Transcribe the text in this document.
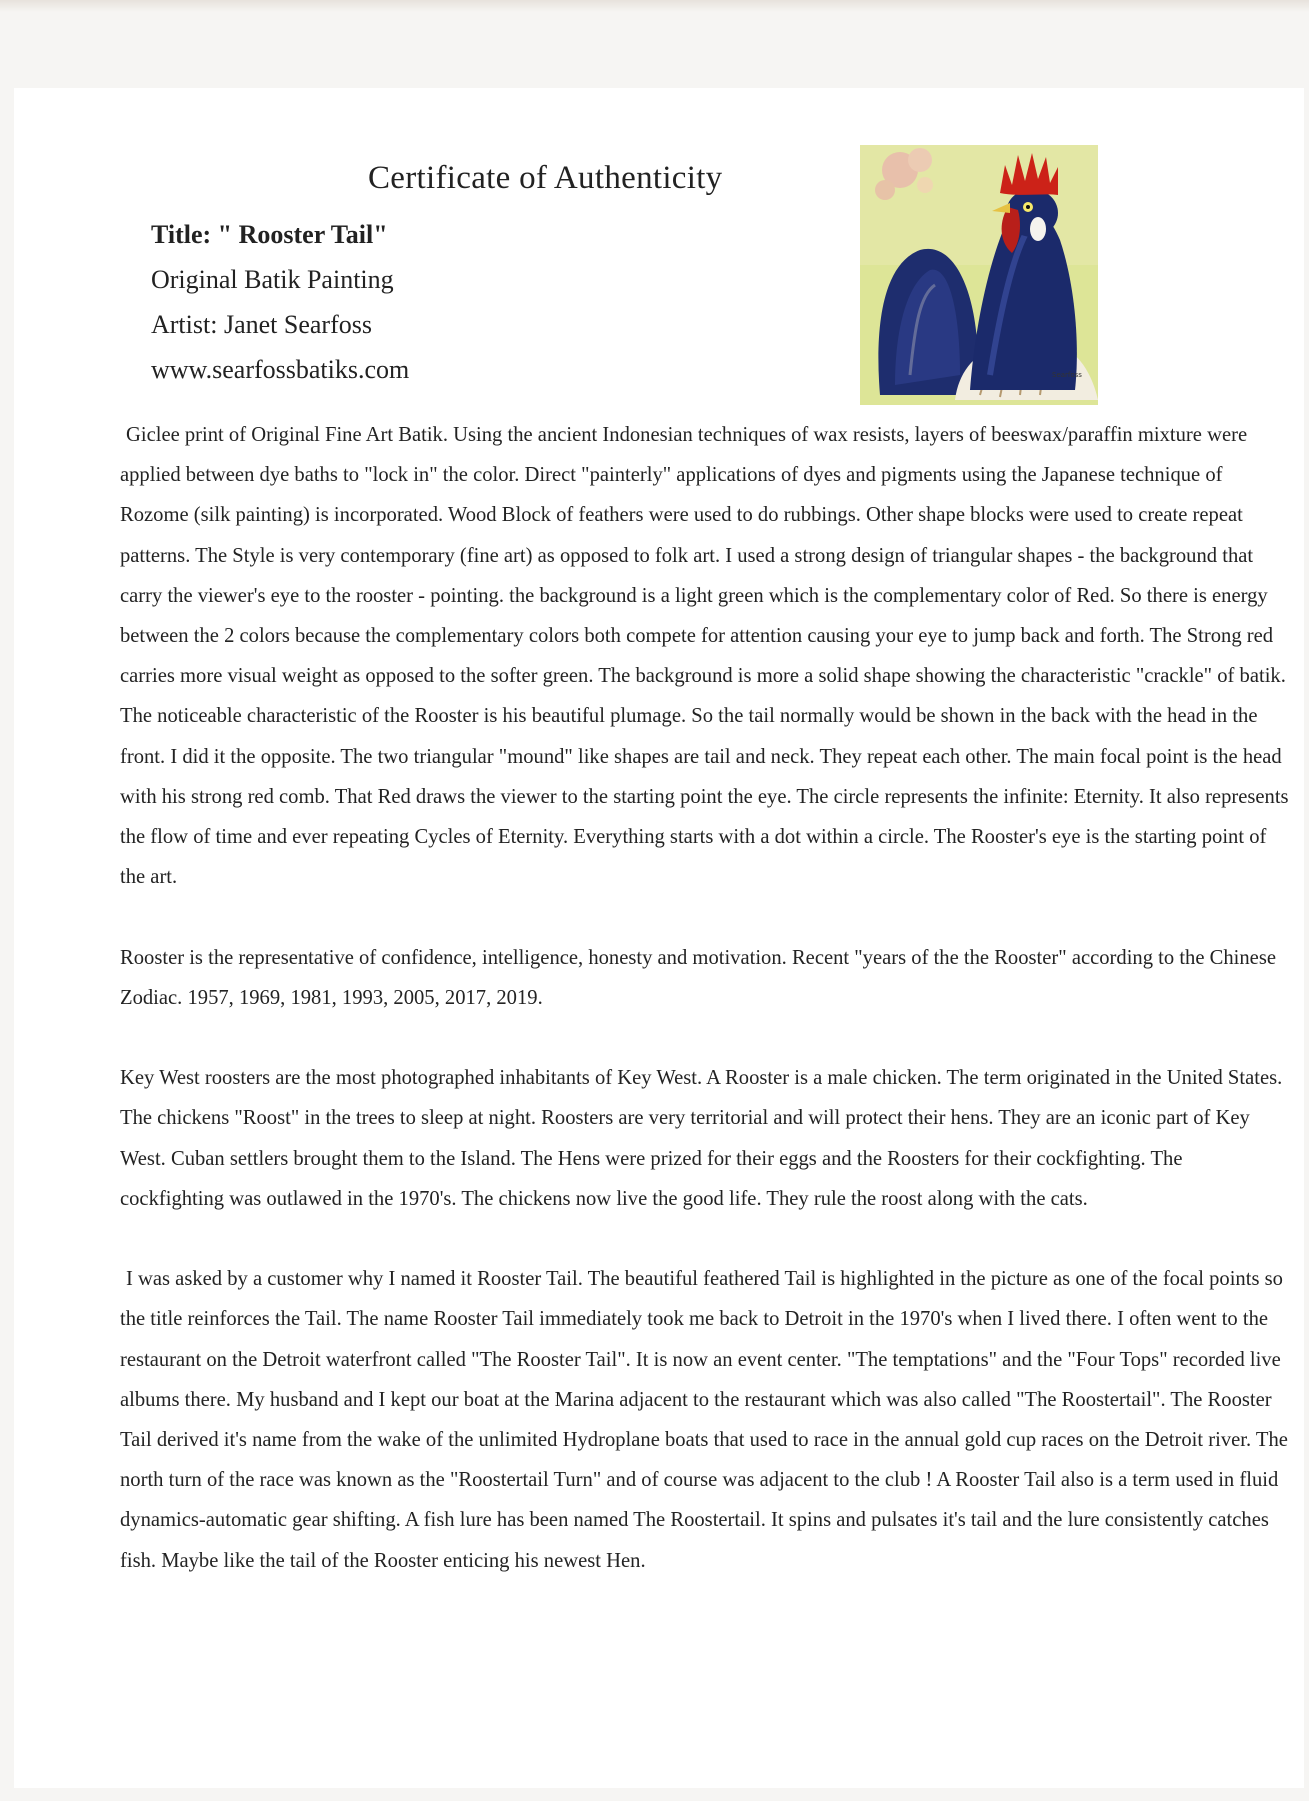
Certificate of Authenticity
Title: " Rooster Tail"
Original Batik Painting
Artist: Janet Searfoss
www.searfossbatiks.com	Searfoss

Giclee print of Original Fine Art Batik. Using the ancient Indonesian techniques of wax resists, layers of beeswax/paraffin mixture were applied between dye baths to "lock in" the color. Direct "painterly" applications of dyes and pigments using the Japanese technique of Rozome (silk painting) is incorporated. Wood Block of feathers were used to do rubbings. Other shape blocks were used to create repeat patterns. The Style is very contemporary (fine art) as opposed to folk art. I used a strong design of triangular shapes - the background that carry the viewer's eye to the rooster - pointing. the background is a light green which is the complementary color of Red. So there is energy between the 2 colors because the complementary colors both compete for attention causing your eye to jump back and forth. The Strong red carries more visual weight as opposed to the softer green. The background is more a solid shape showing the characteristic "crackle" of batik. The noticeable characteristic of the Rooster is his beautiful plumage. So the tail normally would be shown in the back with the head in the front. I did it the opposite. The two triangular "mound" like shapes are tail and neck. They repeat each other. The main focal point is the head with his strong red comb. That Red draws the viewer to the starting point the eye. The circle represents the infinite: Eternity. It also represents the flow of time and ever repeating Cycles of Eternity. Everything starts with a dot within a circle. The Rooster's eye is the starting point of the art.

Rooster is the representative of confidence, intelligence, honesty and motivation. Recent "years of the the Rooster" according to the Chinese Zodiac. 1957, 1969, 1981, 1993, 2005, 2017, 2019.

Key West roosters are the most photographed inhabitants of Key West. A Rooster is a male chicken. The term originated in the United States. The chickens "Roost" in the trees to sleep at night. Roosters are very territorial and will protect their hens. They are an iconic part of Key West. Cuban settlers brought them to the Island. The Hens were prized for their eggs and the Roosters for their cockfighting. The cockfighting was outlawed in the 1970's. The chickens now live the good life. They rule the roost along with the cats.

I was asked by a customer why I named it Rooster Tail. The beautiful feathered Tail is highlighted in the picture as one of the focal points so the title reinforces the Tail. The name Rooster Tail immediately took me back to Detroit in the 1970's when I lived there. I often went to the restaurant on the Detroit waterfront called "The Rooster Tail". It is now an event center. "The temptations" and the "Four Tops" recorded live albums there. My husband and I kept our boat at the Marina adjacent to the restaurant which was also called "The Roostertail". The Rooster Tail derived it's name from the wake of the unlimited Hydroplane boats that used to race in the annual gold cup races on the Detroit river. The north turn of the race was known as the "Roostertail Turn" and of course was adjacent to the club ! A Rooster Tail also is a term used in fluid dynamics-automatic gear shifting. A fish lure has been named The Roostertail. It spins and pulsates it's tail and the lure consistently catches fish. Maybe like the tail of the Rooster enticing his newest Hen.
